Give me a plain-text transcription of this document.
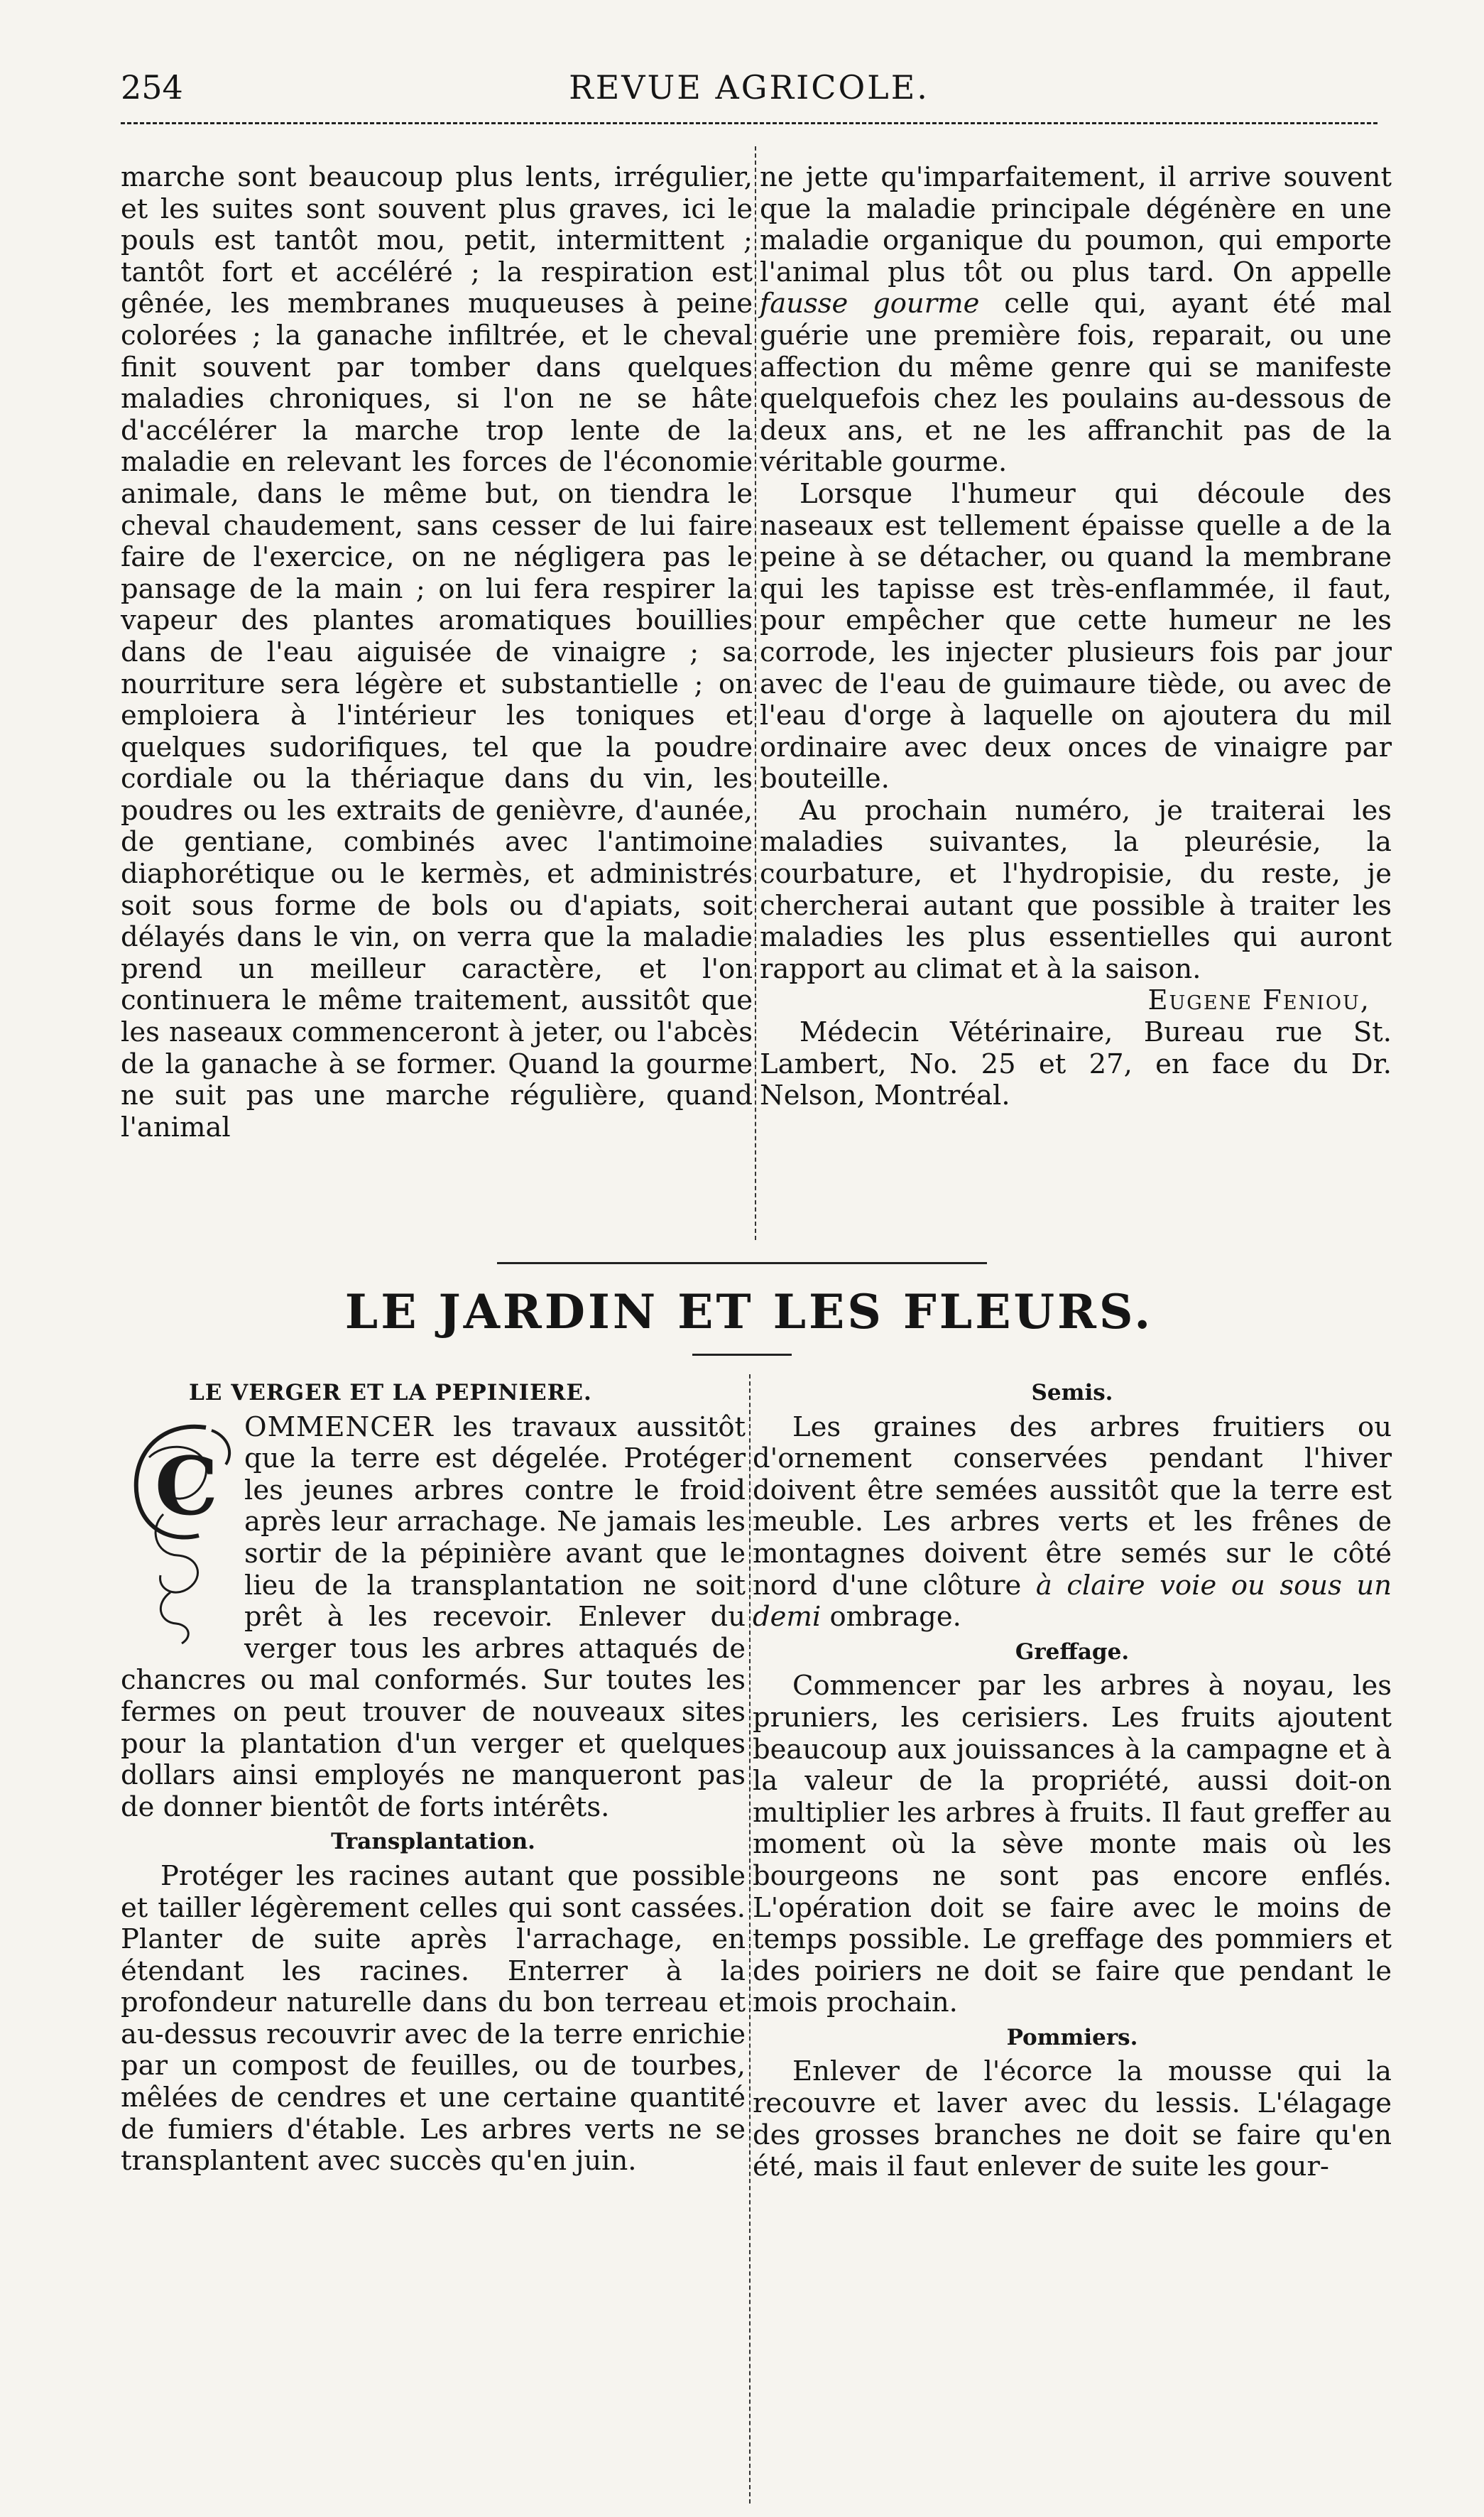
254	REVUE AGRICOLE.

marche sont beaucoup plus lents, irrégulier, et les suites sont souvent plus graves, ici le pouls est tantôt mou, petit, intermittent ; tantôt fort et accéléré ; la respiration est gênée, les membranes muqueuses à peine colorées ; la ganache infiltrée, et le cheval finit souvent par tomber dans quelques maladies chroniques, si l'on ne se hâte d'accélérer la marche trop lente de la maladie en relevant les forces de l'économie animale, dans le même but, on tiendra le cheval chaudement, sans cesser de lui faire faire de l'exercice, on ne négligera pas le pansage de la main ; on lui fera respirer la vapeur des plantes aromatiques bouillies dans de l'eau aiguisée de vinaigre ; sa nourriture sera légère et substantielle ; on emploiera à l'intérieur les toniques et quelques sudorifiques, tel que la poudre cordiale ou la thériaque dans du vin, les poudres ou les extraits de genièvre, d'aunée, de gentiane, combinés avec l'antimoine diaphorétique ou le kermès, et administrés soit sous forme de bols ou d'apiats, soit délayés dans le vin, on verra que la maladie prend un meilleur caractère, et l'on continuera le même traitement, aussitôt que les naseaux commenceront à jeter, ou l'abcès de la ganache à se former. Quand la gourme ne suit pas une marche régulière, quand l'animal

ne jette qu'imparfaitement, il arrive souvent que la maladie principale dégénère en une maladie organique du poumon, qui emporte l'animal plus tôt ou plus tard. On appelle fausse gourme celle qui, ayant été mal guérie une première fois, reparait, ou une affection du même genre qui se manifeste quelquefois chez les poulains au-dessous de deux ans, et ne les affranchit pas de la véritable gourme.

Lorsque l'humeur qui découle des naseaux est tellement épaisse quelle a de la peine à se détacher, ou quand la membrane qui les tapisse est très-enflammée, il faut, pour empêcher que cette humeur ne les corrode, les injecter plusieurs fois par jour avec de l'eau de guimaure tiède, ou avec de l'eau d'orge à laquelle on ajoutera du mil ordinaire avec deux onces de vinaigre par bouteille.

Au prochain numéro, je traiterai les maladies suivantes, la pleurésie, la courbature, et l'hydropisie, du reste, je chercherai autant que possible à traiter les maladies les plus essentielles qui auront rapport au climat et à la saison.

Eugene Feniou,

Médecin Vétérinaire, Bureau rue St. Lambert, No. 25 et 27, en face du Dr. Nelson, Montréal.

LE JARDIN ET LES FLEURS.
LE VERGER ET LA PEPINIERE.

C
OMMENCER les travaux aussitôt que la terre est dégelée. Protéger les jeunes arbres contre le froid après leur arrachage. Ne jamais les sortir de la pépinière avant que le lieu de la transplantation ne soit prêt à les recevoir. Enlever du verger tous les arbres attaqués de chancres ou mal conformés. Sur toutes les fermes on peut trouver de nouveaux sites pour la plantation d'un verger et quelques dollars ainsi employés ne manqueront pas de donner bientôt de forts intérêts.

Transplantation.

Protéger les racines autant que possible et tailler légèrement celles qui sont cassées. Planter de suite après l'arrachage, en étendant les racines. Enterrer à la profondeur naturelle dans du bon terreau et au-dessus recouvrir avec de la terre enrichie par un compost de feuilles, ou de tourbes, mêlées de cendres et une certaine quantité de fumiers d'étable. Les arbres verts ne se transplantent avec succès qu'en juin.

Semis.

Les graines des arbres fruitiers ou d'ornement conservées pendant l'hiver doivent être semées aussitôt que la terre est meuble. Les arbres verts et les frênes de montagnes doivent être semés sur le côté nord d'une clôture à claire voie ou sous un demi ombrage.

Greffage.

Commencer par les arbres à noyau, les pruniers, les cerisiers. Les fruits ajoutent beaucoup aux jouissances à la campagne et à la valeur de la propriété, aussi doit-on multiplier les arbres à fruits. Il faut greffer au moment où la sève monte mais où les bourgeons ne sont pas encore enflés. L'opération doit se faire avec le moins de temps possible. Le greffage des pommiers et des poiriers ne doit se faire que pendant le mois prochain.

Pommiers.

Enlever de l'écorce la mousse qui la recouvre et laver avec du lessis. L'élagage des grosses branches ne doit se faire qu'en été, mais il faut enlever de suite les gour-
